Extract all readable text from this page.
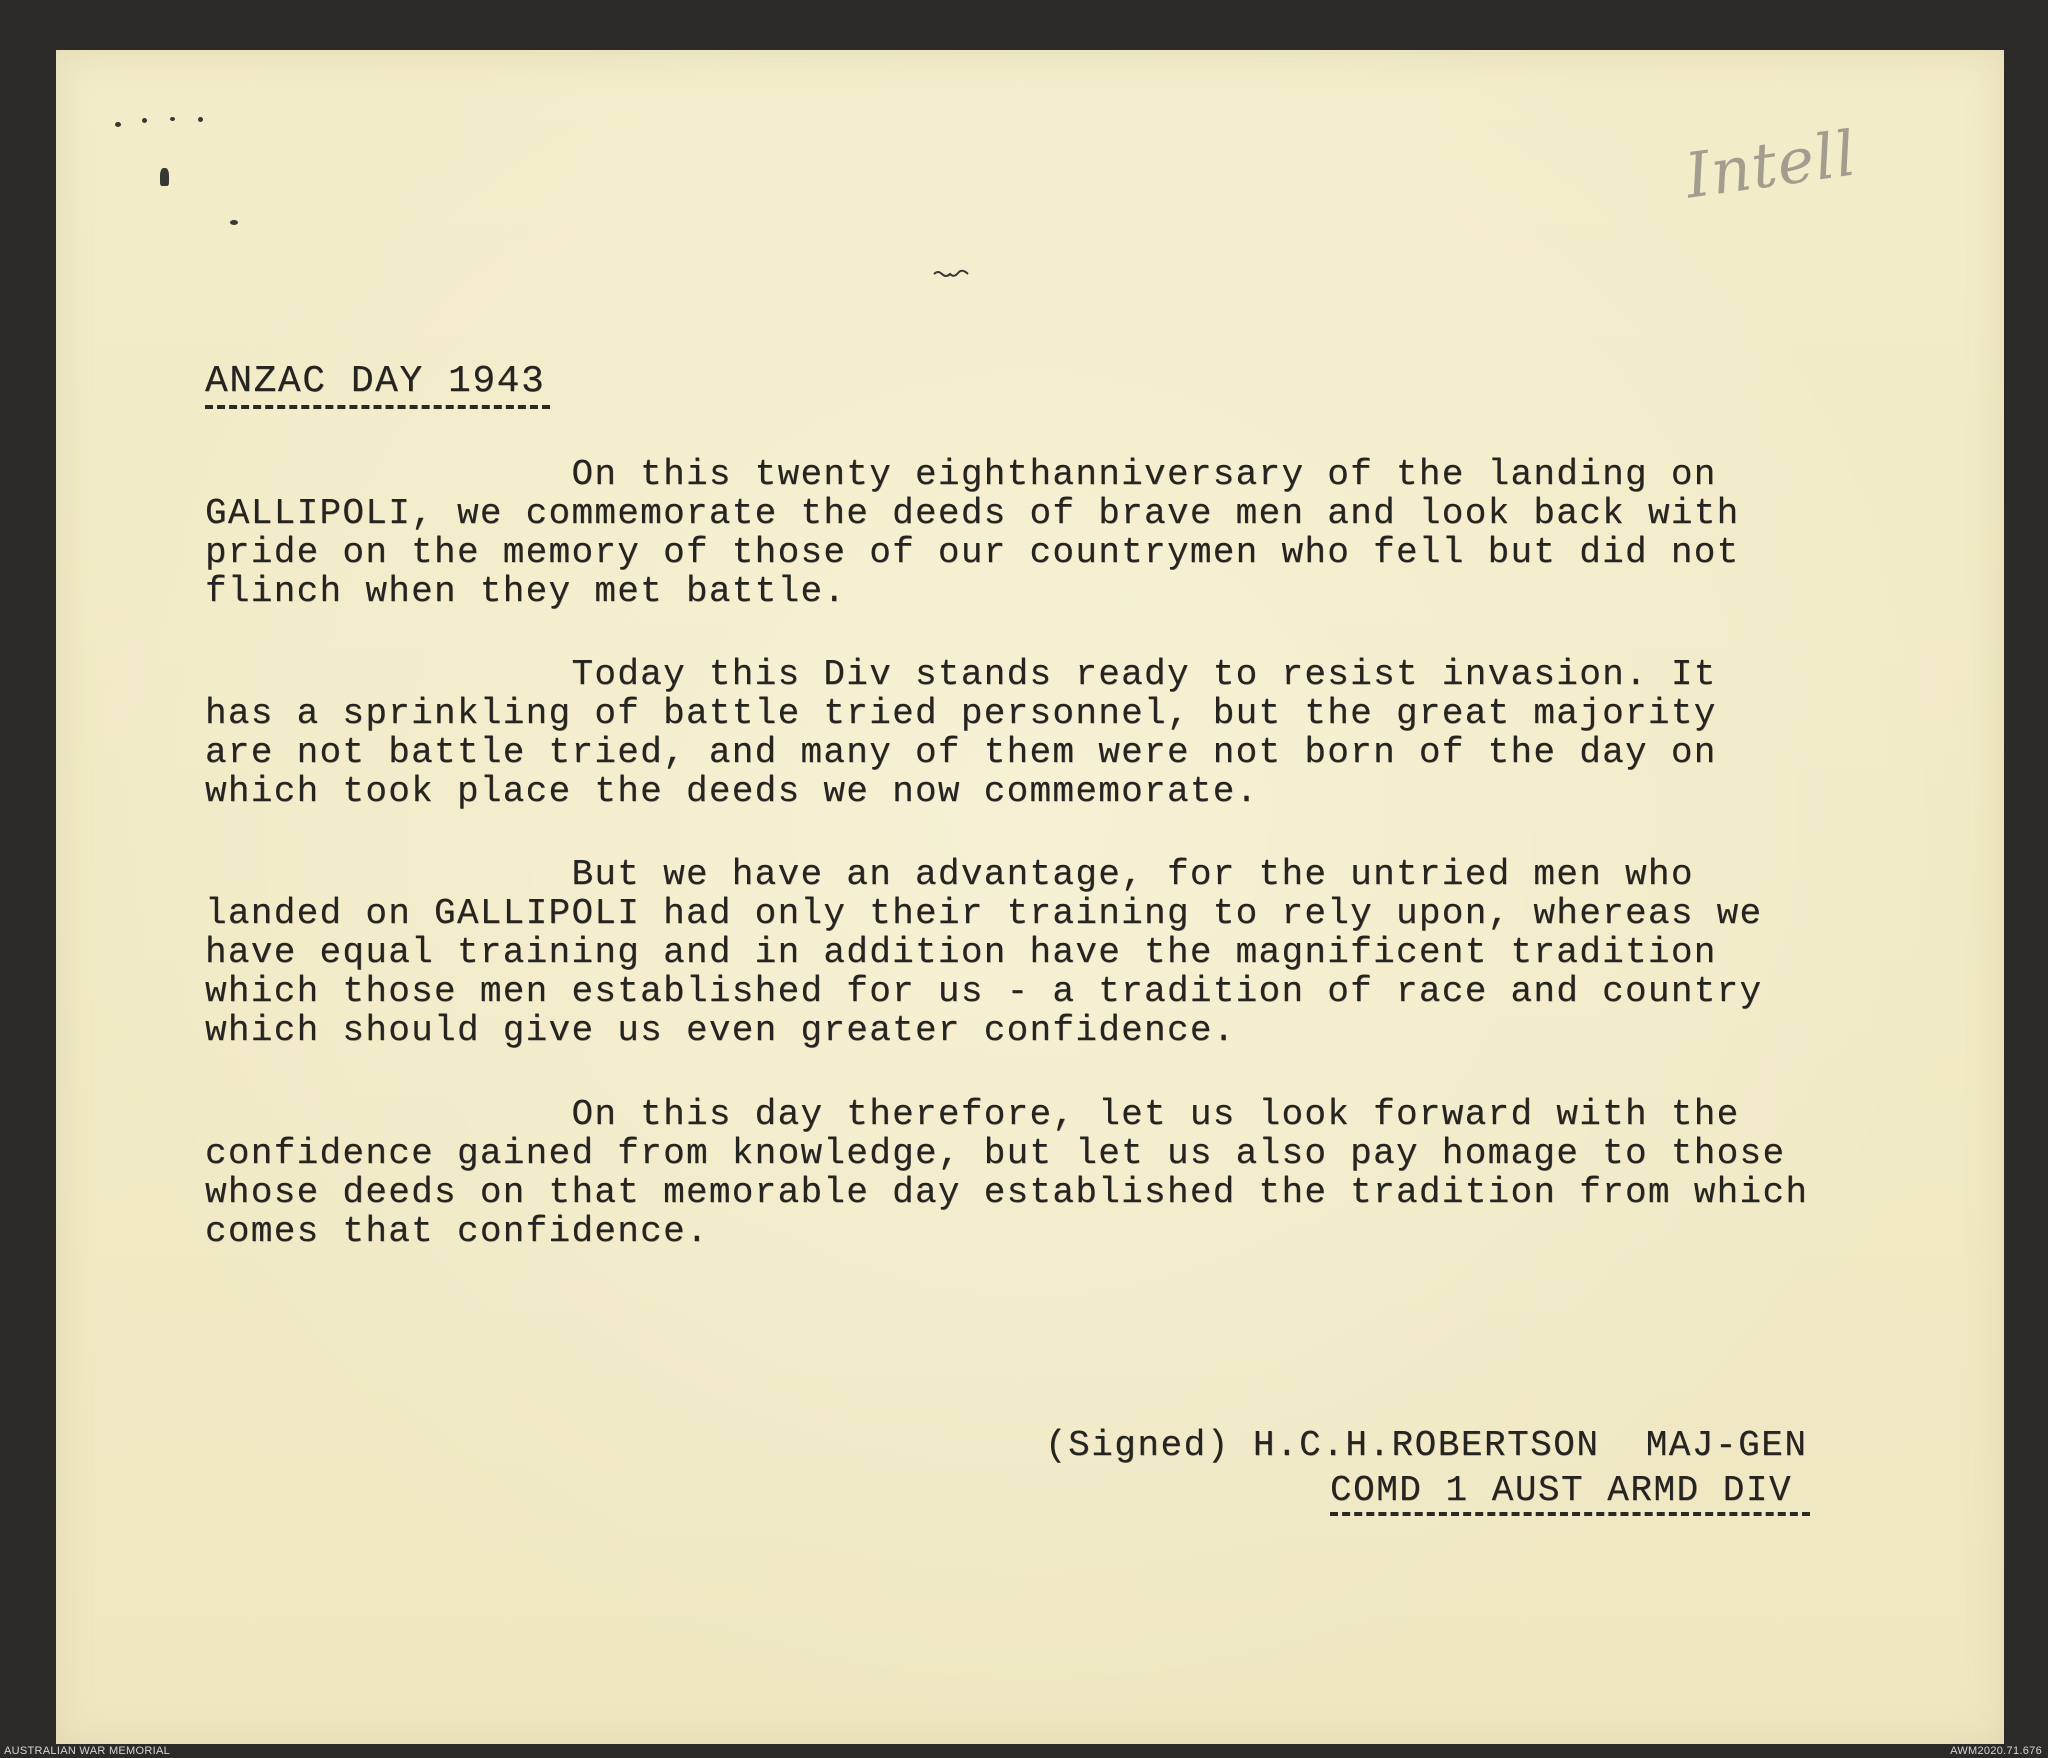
Intell
ANZAC DAY 1943
On this twenty eighthanniversary of the landing on
GALLIPOLI, we commemorate the deeds of brave men and look back with
pride on the memory of those of our countrymen who fell but did not
flinch when they met battle.
Today this Div stands ready to resist invasion. It
has a sprinkling of battle tried personnel, but the great majority
are not battle tried, and many of them were not born of the day on
which took place the deeds we now commemorate.
But we have an advantage, for the untried men who
landed on GALLIPOLI had only their training to rely upon, whereas we
have equal training and in addition have the magnificent tradition
which those men established for us - a tradition of race and country
which should give us even greater confidence.
On this day therefore, let us look forward with the
confidence gained from knowledge, but let us also pay homage to those
whose deeds on that memorable day established the tradition from which
comes that confidence.
(Signed) H.C.H.ROBERTSON  MAJ-GEN
COMD 1 AUST ARMD DIV
AUSTRALIAN WAR MEMORIAL	AWM2020.71.676
